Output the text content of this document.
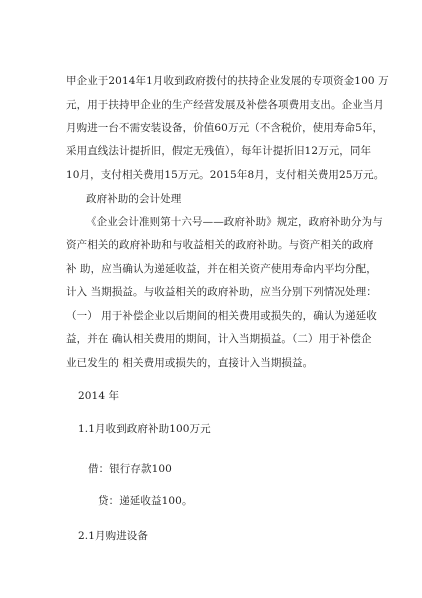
甲企业于2014年1月收到政府拨付的扶持企业发展的专项资金100 万
元，用于扶持甲企业的生产经营发展及补偿各项费用支出。企业当月
月购进一台不需安装设备，价值60万元（不含税价，使用寿命5年，
采用直线法计提折旧，假定无残值），每年计提折旧12万元，同年
10月，支付相关费用15万元。2015年8月，支付相关费用25万元。
政府补助的会计处理
《企业会计准则第十六号——政府补助》规定，政府补助分为与
资产相关的政府补助和与收益相关的政府补助。与资产相关的政府
补 助，应当确认为递延收益，并在相关资产使用寿命内平均分配，
计入 当期损益。与收益相关的政府补助，应当分别下列情况处理：
（一） 用于补偿企业以后期间的相关费用或损失的，确认为递延收
益，并在 确认相关费用的期间，计入当期损益。（二）用于补偿企
业已发生的 相关费用或损失的，直接计入当期损益。
2014 年
1.1月收到政府补助100万元
借：银行存款100
贷：递延收益100。
2.1月购进设备
